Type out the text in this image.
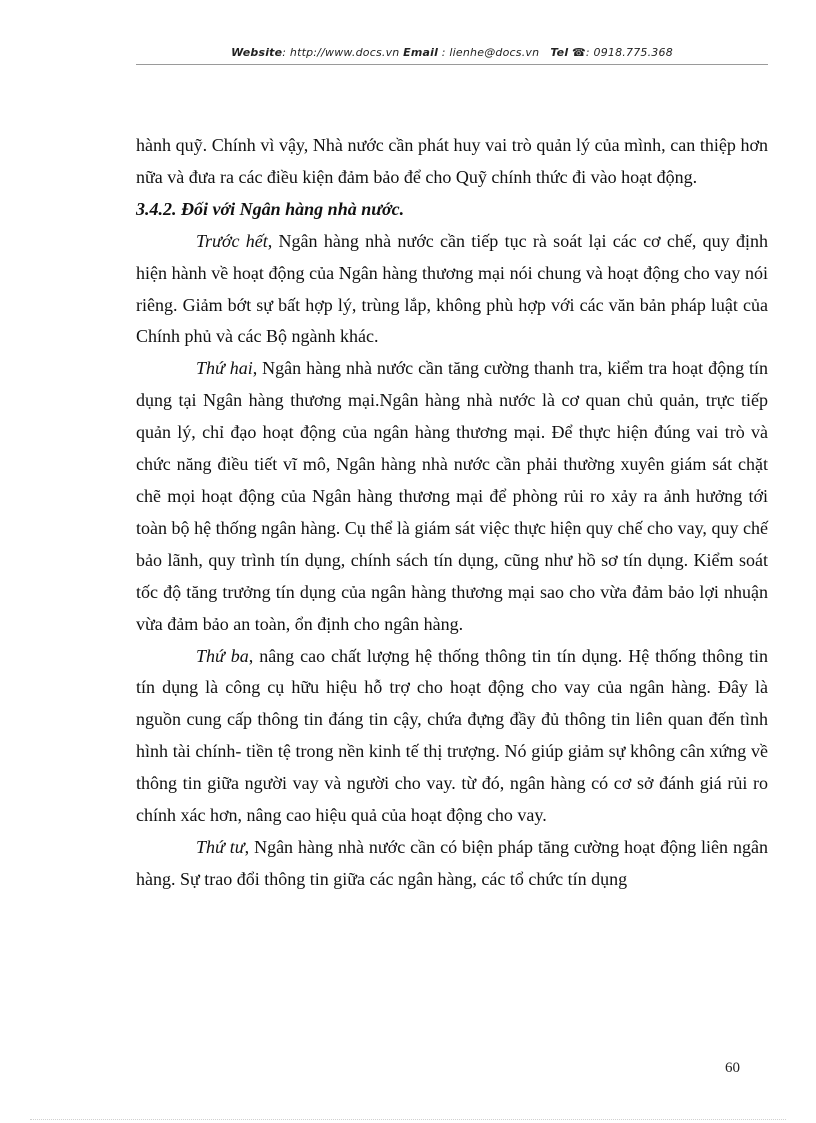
Website: http://www.docs.vn Email : lienhe@docs.vn Tel ☎: 0918.775.368

hành quỹ. Chính vì vậy, Nhà nước cần phát huy vai trò quản lý của mình, can thiệp hơn nữa và đưa ra các điều kiện đảm bảo để cho Quỹ chính thức đi vào hoạt động.

3.4.2. Đối với Ngân hàng nhà nước.

Trước hết, Ngân hàng nhà nước cần tiếp tục rà soát lại các cơ chế, quy định hiện hành về hoạt động của Ngân hàng thương mại nói chung và hoạt động cho vay nói riêng. Giảm bớt sự bất hợp lý, trùng lắp, không phù hợp với các văn bản pháp luật của Chính phủ và các Bộ ngành khác.

Thứ hai, Ngân hàng nhà nước cần tăng cường thanh tra, kiểm tra hoạt động tín dụng tại Ngân hàng thương mại.Ngân hàng nhà nước là cơ quan chủ quản, trực tiếp quản lý, chỉ đạo hoạt động của ngân hàng thương mại. Để thực hiện đúng vai trò và chức năng điều tiết vĩ mô, Ngân hàng nhà nước cần phải thường xuyên giám sát chặt chẽ mọi hoạt động của Ngân hàng thương mại để phòng rủi ro xảy ra ảnh hưởng tới toàn bộ hệ thống ngân hàng. Cụ thể là giám sát việc thực hiện quy chế cho vay, quy chế bảo lãnh, quy trình tín dụng, chính sách tín dụng, cũng như hồ sơ tín dụng. Kiểm soát tốc độ tăng trưởng tín dụng của ngân hàng thương mại sao cho vừa đảm bảo lợi nhuận vừa đảm bảo an toàn, ổn định cho ngân hàng.

Thứ ba, nâng cao chất lượng hệ thống thông tin tín dụng. Hệ thống thông tin tín dụng là công cụ hữu hiệu hỗ trợ cho hoạt động cho vay của ngân hàng. Đây là nguồn cung cấp thông tin đáng tin cậy, chứa đựng đầy đủ thông tin liên quan đến tình hình tài chính- tiền tệ trong nền kinh tế thị trượng. Nó giúp giảm sự không cân xứng về thông tin giữa người vay và người cho vay. từ đó, ngân hàng có cơ sở đánh giá rủi ro chính xác hơn, nâng cao hiệu quả của hoạt động cho vay.

Thứ tư, Ngân hàng nhà nước cần có biện pháp tăng cường hoạt động liên ngân hàng. Sự trao đổi thông tin giữa các ngân hàng, các tổ chức tín dụng

60
